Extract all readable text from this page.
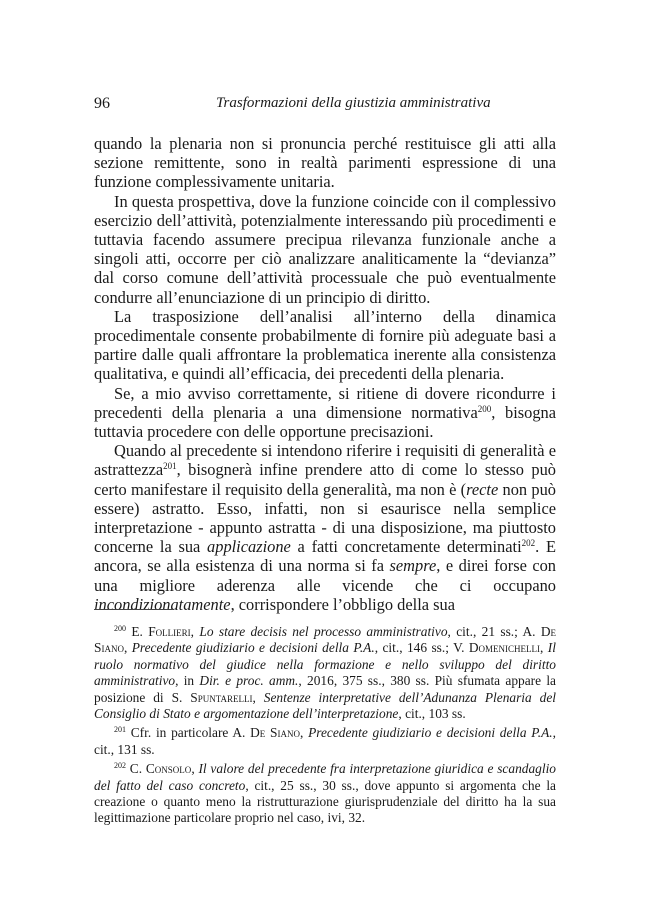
96	Trasformazioni della giustizia amministrativa

quando la plenaria non si pronuncia perché restituisce gli atti alla sezione remittente, sono in realtà parimenti espressione di una funzione complessivamente unitaria.

In questa prospettiva, dove la funzione coincide con il complessivo esercizio dell’attività, potenzialmente interessando più procedimenti e tuttavia facendo assumere precipua rilevanza funzionale anche a singoli atti, occorre per ciò analizzare analiticamente la “devianza” dal corso comune dell’attività processuale che può eventualmente condurre all’enunciazione di un principio di diritto.

La trasposizione dell’analisi all’interno della dinamica procedimentale consente probabilmente di fornire più adeguate basi a partire dalle quali affrontare la problematica inerente alla consistenza qualitativa, e quindi all’efficacia, dei precedenti della plenaria.

Se, a mio avviso correttamente, si ritiene di dovere ricondurre i precedenti della plenaria a una dimensione normativa$^{200}$, bisogna tuttavia procedere con delle opportune precisazioni.

Quando al precedente si intendono riferire i requisiti di generalità e astrattezza$^{201}$, bisognerà infine prendere atto di come lo stesso può certo manifestare il requisito della generalità, ma non è (recte non può essere) astratto. Esso, infatti, non si esaurisce nella semplice interpretazione - appunto astratta - di una disposizione, ma piuttosto concerne la sua applicazione a fatti concretamente determinati$^{202}$. E ancora, se alla esistenza di una norma si fa sempre, e direi forse con una migliore aderenza alle vicende che ci occupano incondizionatamente, corrispondere l’obbligo della sua

$^{200}$ E. Follieri, Lo stare decisis nel processo amministrativo, cit., 21 ss.; A. De Siano, Precedente giudiziario e decisioni della P.A., cit., 146 ss.; V. Domenichelli, Il ruolo normativo del giudice nella formazione e nello sviluppo del diritto amministrativo, in Dir. e proc. amm., 2016, 375 ss., 380 ss. Più sfumata appare la posizione di S. Spuntarelli, Sentenze interpretative dell’Adunanza Plenaria del Consiglio di Stato e argomentazione dell’interpretazione, cit., 103 ss.

$^{201}$ Cfr. in particolare A. De Siano, Precedente giudiziario e decisioni della P.A., cit., 131 ss.

$^{202}$ C. Consolo, Il valore del precedente fra interpretazione giuridica e scandaglio del fatto del caso concreto, cit., 25 ss., 30 ss., dove appunto si argomenta che la creazione o quanto meno la ristrutturazione giurisprudenziale del diritto ha la sua legittimazione particolare proprio nel caso, ivi, 32.
